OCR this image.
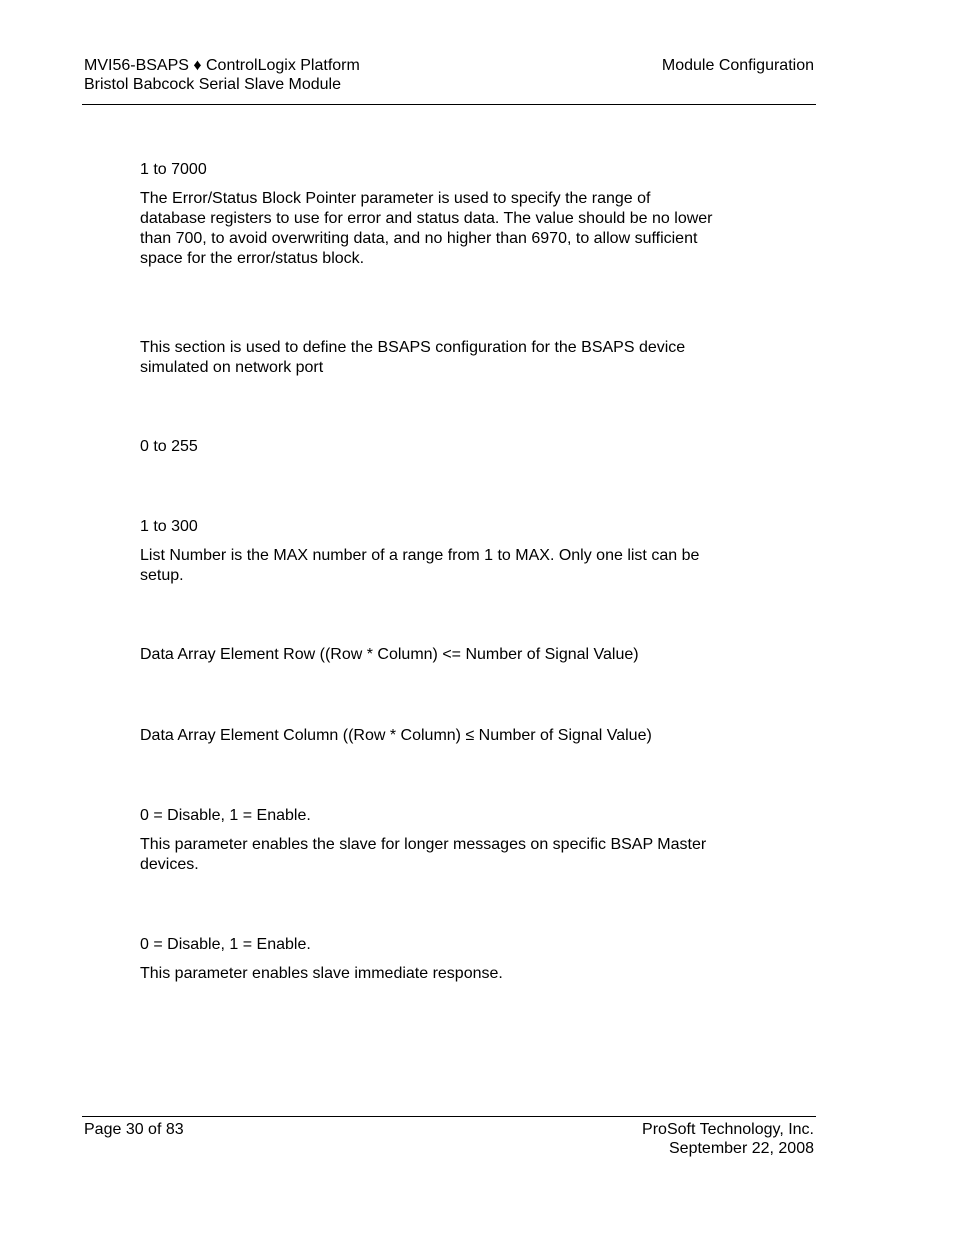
MVI56-BSAPS ♦ ControlLogix Platform
Bristol Babcock Serial Slave Module
Module Configuration

1 to 7000

The Error/Status Block Pointer parameter is used to specify the range of
database registers to use for error and status data. The value should be no lower
than 700, to avoid overwriting data, and no higher than 6970, to allow sufficient
space for the error/status block.

This section is used to define the BSAPS configuration for the BSAPS device
simulated on network port

0 to 255

1 to 300

List Number is the MAX number of a range from 1 to MAX. Only one list can be
setup.

Data Array Element Row ((Row * Column) <= Number of Signal Value)

Data Array Element Column ((Row * Column) ≤ Number of Signal Value)

0 = Disable, 1 = Enable.

This parameter enables the slave for longer messages on specific BSAP Master
devices.

0 = Disable, 1 = Enable.

This parameter enables slave immediate response.

Page 30 of 83	ProSoft Technology, Inc.
September 22, 2008
